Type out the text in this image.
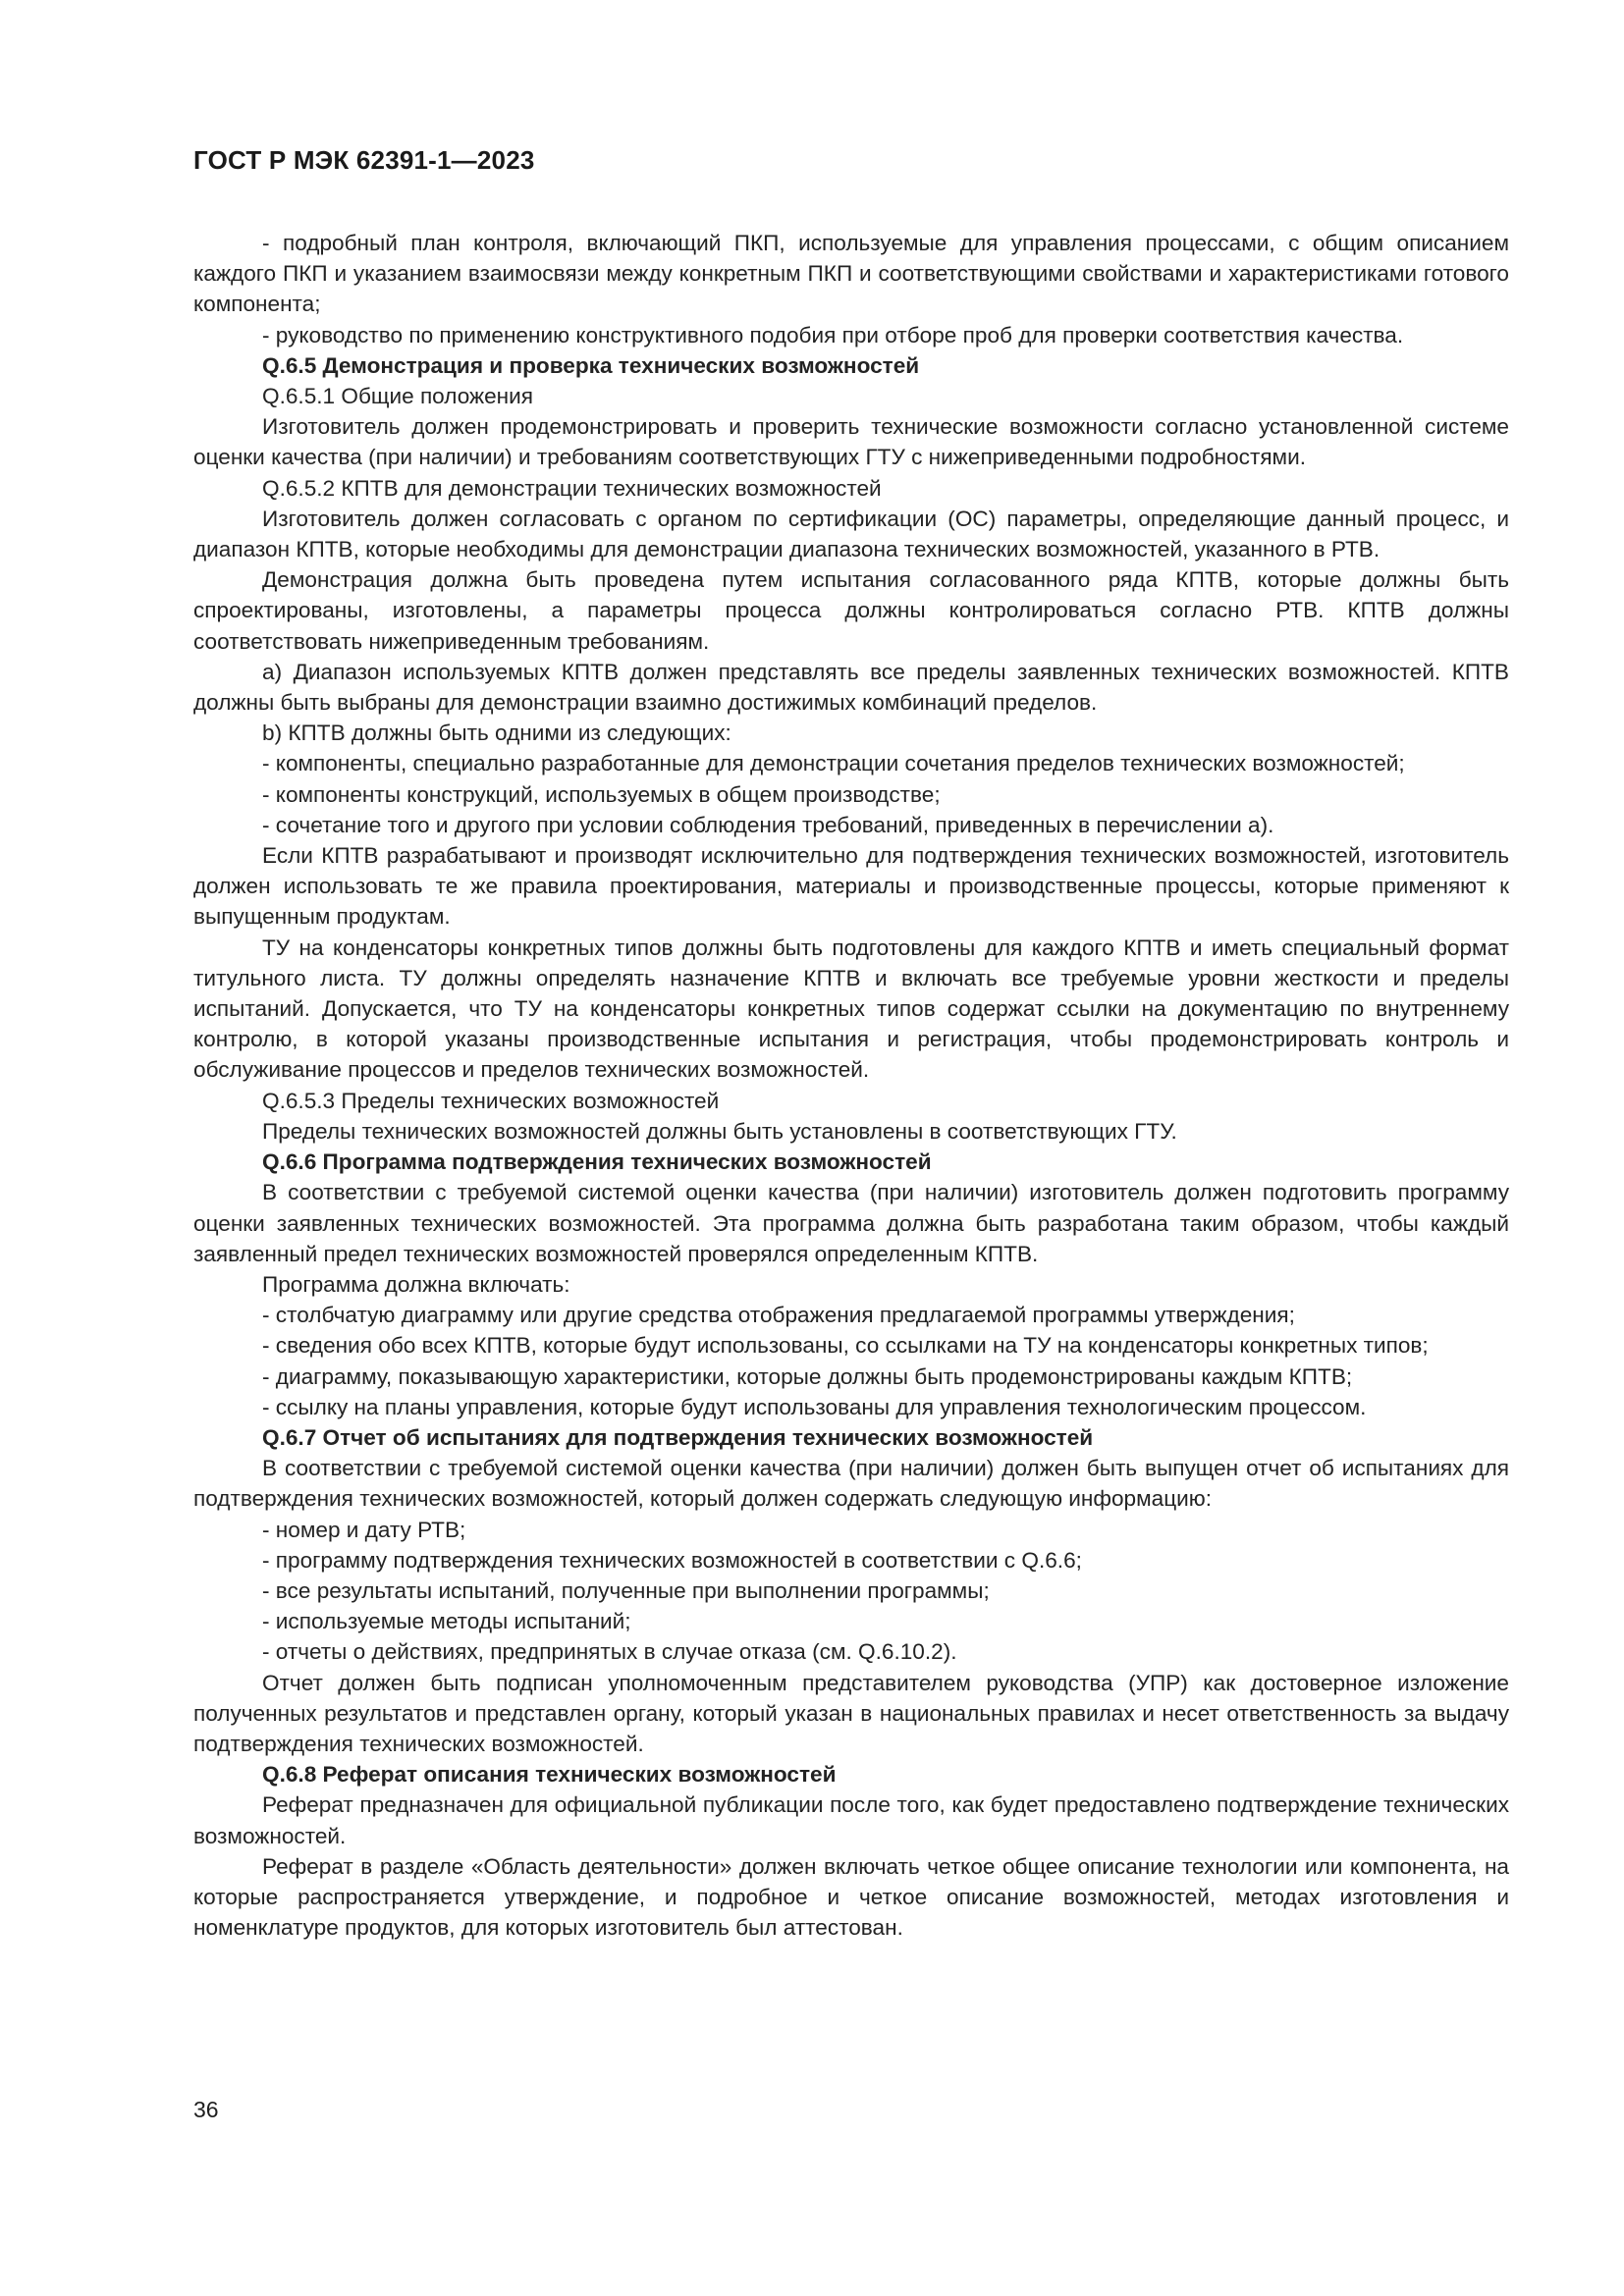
ГОСТ Р МЭК 62391-1—2023

- подробный план контроля, включающий ПКП, используемые для управления процессами, с общим описанием каждого ПКП и указанием взаимосвязи между конкретным ПКП и соответствующими свойствами и характеристиками готового компонента;

- руководство по применению конструктивного подобия при отборе проб для проверки соответствия качества.

Q.6.5 Демонстрация и проверка технических возможностей

Q.6.5.1 Общие положения

Изготовитель должен продемонстрировать и проверить технические возможности согласно установленной системе оценки качества (при наличии) и требованиям соответствующих ГТУ с нижеприведенными подробностями.

Q.6.5.2 КПТВ для демонстрации технических возможностей

Изготовитель должен согласовать с органом по сертификации (ОС) параметры, определяющие данный процесс, и диапазон КПТВ, которые необходимы для демонстрации диапазона технических возможностей, указанного в РТВ.

Демонстрация должна быть проведена путем испытания согласованного ряда КПТВ, которые должны быть спроектированы, изготовлены, а параметры процесса должны контролироваться согласно РТВ. КПТВ должны соответствовать нижеприведенным требованиям.

a) Диапазон используемых КПТВ должен представлять все пределы заявленных технических возможностей. КПТВ должны быть выбраны для демонстрации взаимно достижимых комбинаций пределов.

b) КПТВ должны быть одними из следующих:

- компоненты, специально разработанные для демонстрации сочетания пределов технических возможностей;

- компоненты конструкций, используемых в общем производстве;

- сочетание того и другого при условии соблюдения требований, приведенных в перечислении а).

Если КПТВ разрабатывают и производят исключительно для подтверждения технических возможностей, изготовитель должен использовать те же правила проектирования, материалы и производственные процессы, которые применяют к выпущенным продуктам.

ТУ на конденсаторы конкретных типов должны быть подготовлены для каждого КПТВ и иметь специальный формат титульного листа. ТУ должны определять назначение КПТВ и включать все требуемые уровни жесткости и пределы испытаний. Допускается, что ТУ на конденсаторы конкретных типов содержат ссылки на документацию по внутреннему контролю, в которой указаны производственные испытания и регистрация, чтобы продемонстрировать контроль и обслуживание процессов и пределов технических возможностей.

Q.6.5.3 Пределы технических возможностей

Пределы технических возможностей должны быть установлены в соответствующих ГТУ.

Q.6.6 Программа подтверждения технических возможностей

В соответствии с требуемой системой оценки качества (при наличии) изготовитель должен подготовить программу оценки заявленных технических возможностей. Эта программа должна быть разработана таким образом, чтобы каждый заявленный предел технических возможностей проверялся определенным КПТВ.

Программа должна включать:

- столбчатую диаграмму или другие средства отображения предлагаемой программы утверждения;

- сведения обо всех КПТВ, которые будут использованы, со ссылками на ТУ на конденсаторы конкретных типов;

- диаграмму, показывающую характеристики, которые должны быть продемонстрированы каждым КПТВ;

- ссылку на планы управления, которые будут использованы для управления технологическим процессом.

Q.6.7 Отчет об испытаниях для подтверждения технических возможностей

В соответствии с требуемой системой оценки качества (при наличии) должен быть выпущен отчет об испытаниях для подтверждения технических возможностей, который должен содержать следующую информацию:

- номер и дату РТВ;

- программу подтверждения технических возможностей в соответствии с Q.6.6;

- все результаты испытаний, полученные при выполнении программы;

- используемые методы испытаний;

- отчеты о действиях, предпринятых в случае отказа (см. Q.6.10.2).

Отчет должен быть подписан уполномоченным представителем руководства (УПР) как достоверное изложение полученных результатов и представлен органу, который указан в национальных правилах и несет ответственность за выдачу подтверждения технических возможностей.

Q.6.8 Реферат описания технических возможностей

Реферат предназначен для официальной публикации после того, как будет предоставлено подтверждение технических возможностей.

Реферат в разделе «Область деятельности» должен включать четкое общее описание технологии или компонента, на которые распространяется утверждение, и подробное и четкое описание возможностей, методах изготовления и номенклатуре продуктов, для которых изготовитель был аттестован.

36
